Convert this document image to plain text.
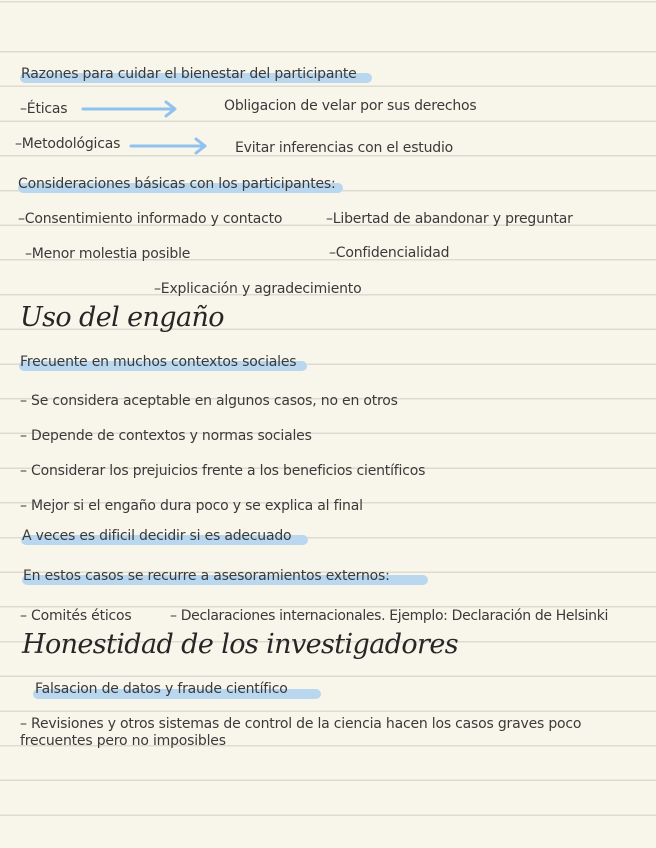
Razones para cuidar el bienestar del participante
–Éticas	Obligacion de velar por sus derechos
–Metodológicas	Evitar inferencias con el estudio
Consideraciones básicas con los participantes:
–Consentimiento informado y contacto	–Libertad de abandonar y preguntar
–Menor molestia posible	–Confidencialidad
–Explicación y agradecimiento
Uso del engaño
Frecuente en muchos contextos sociales
– Se considera aceptable en algunos casos, no en otros
– Depende de contextos y normas sociales
– Considerar los prejuicios frente a los beneficios científicos
– Mejor si el engaño dura poco y se explica al final
A veces es dificil decidir si es adecuado
En estos casos se recurre a asesoramientos externos:
– Comités éticos	– Declaraciones internacionales. Ejemplo: Declaración de Helsinki
Honestidad de los investigadores
Falsacion de datos y fraude científico
– Revisiones y otros sistemas de control de la ciencia hacen los casos graves poco frecuentes pero no imposibles
